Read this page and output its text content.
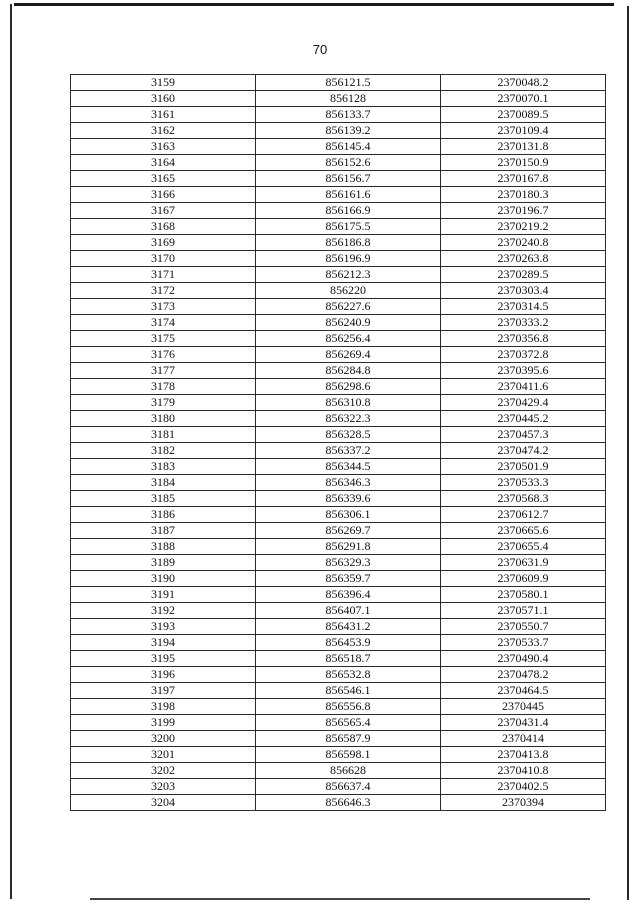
70
3159	856121.5	2370048.2
3160	856128	2370070.1
3161	856133.7	2370089.5
3162	856139.2	2370109.4
3163	856145.4	2370131.8
3164	856152.6	2370150.9
3165	856156.7	2370167.8
3166	856161.6	2370180.3
3167	856166.9	2370196.7
3168	856175.5	2370219.2
3169	856186.8	2370240.8
3170	856196.9	2370263.8
3171	856212.3	2370289.5
3172	856220	2370303.4
3173	856227.6	2370314.5
3174	856240.9	2370333.2
3175	856256.4	2370356.8
3176	856269.4	2370372.8
3177	856284.8	2370395.6
3178	856298.6	2370411.6
3179	856310.8	2370429.4
3180	856322.3	2370445.2
3181	856328.5	2370457.3
3182	856337.2	2370474.2
3183	856344.5	2370501.9
3184	856346.3	2370533.3
3185	856339.6	2370568.3
3186	856306.1	2370612.7
3187	856269.7	2370665.6
3188	856291.8	2370655.4
3189	856329.3	2370631.9
3190	856359.7	2370609.9
3191	856396.4	2370580.1
3192	856407.1	2370571.1
3193	856431.2	2370550.7
3194	856453.9	2370533.7
3195	856518.7	2370490.4
3196	856532.8	2370478.2
3197	856546.1	2370464.5
3198	856556.8	2370445
3199	856565.4	2370431.4
3200	856587.9	2370414
3201	856598.1	2370413.8
3202	856628	2370410.8
3203	856637.4	2370402.5
3204	856646.3	2370394
